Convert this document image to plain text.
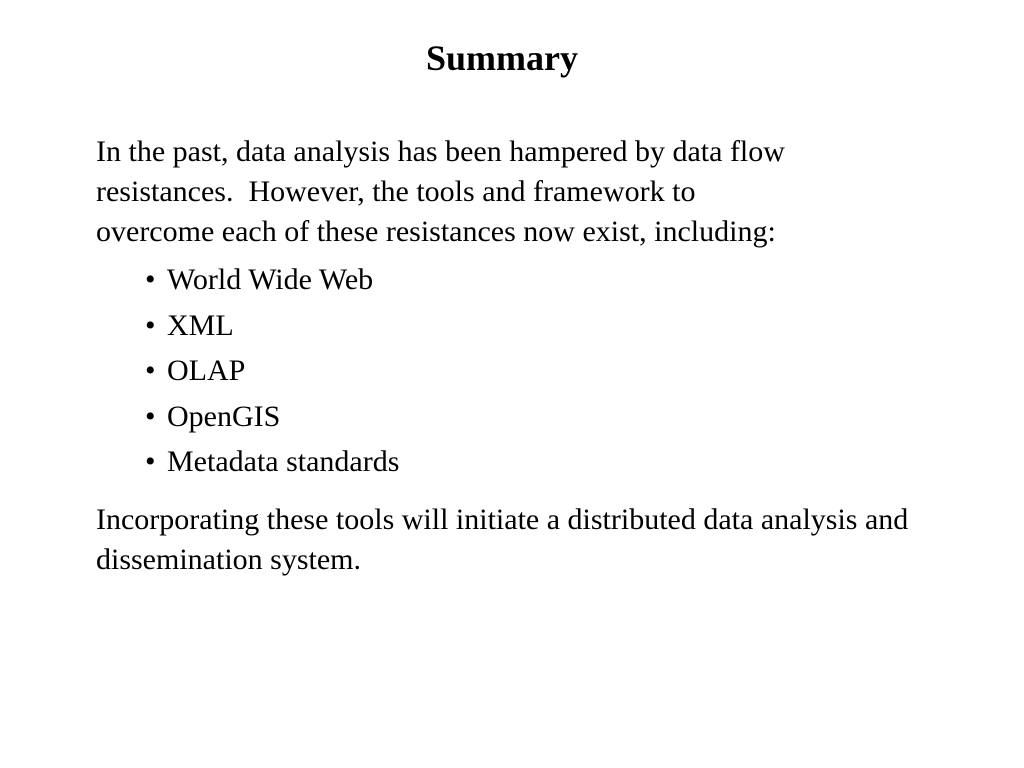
Summary

In the past, data analysis has been hampered by data flow
resistances.  However, the tools and framework to
overcome each of these resistances now exist, including:

• World Wide Web
• XML
• OLAP
• OpenGIS
• Metadata standards

Incorporating these tools will initiate a distributed data analysis and dissemination system.
